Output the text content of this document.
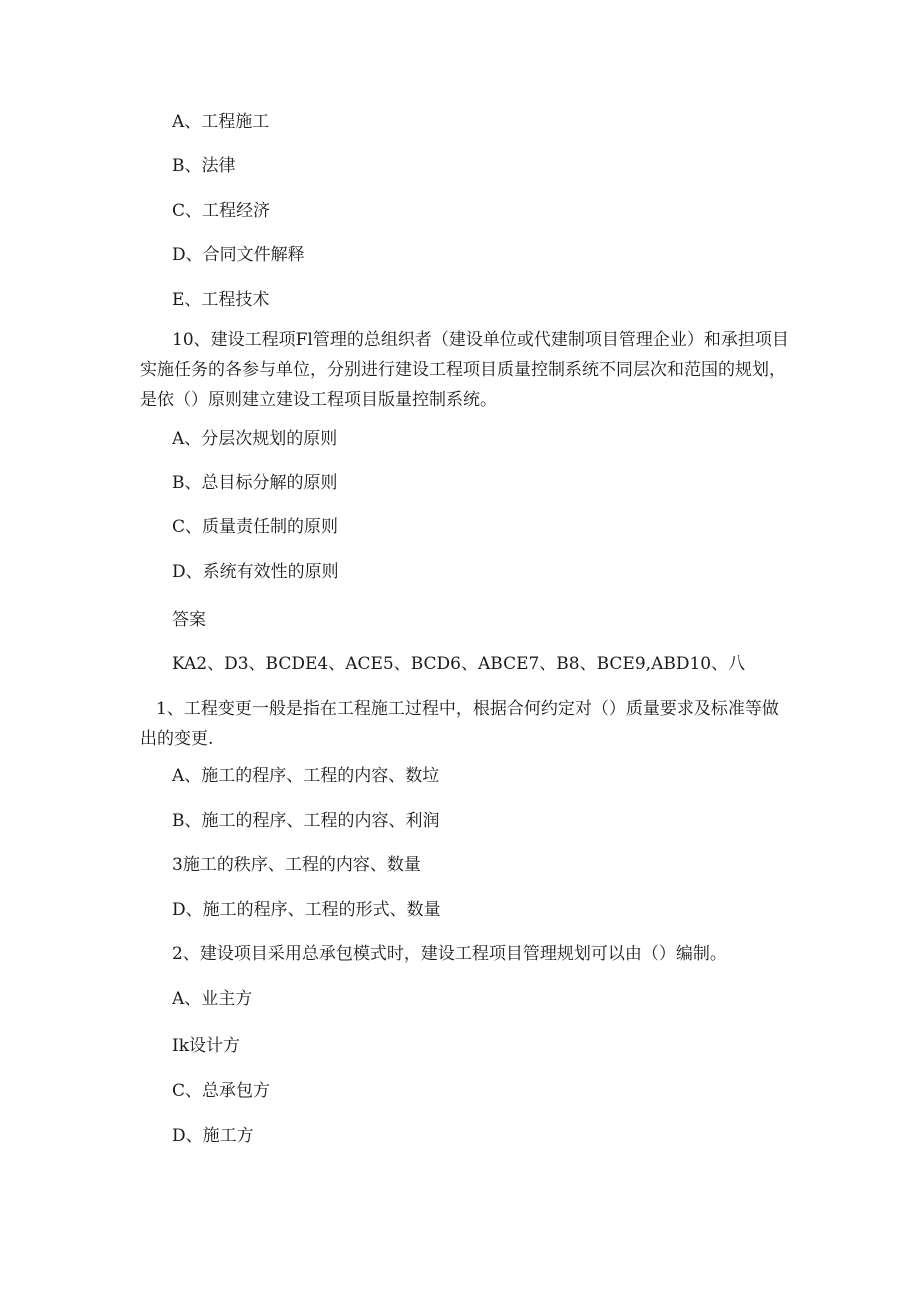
A、工程施工
B、法律
C、工程经济
D、合同文件解释
E、工程技术
10、建设工程项Fl管理的总组织者（建设单位或代建制项目管理企业）和承担项目实施任务的各参与单位，分别进行建设工程项目质量控制系统不同层次和范国的规划，是依（）原则建立建设工程项目版量控制系统。
A、分层次规划的原则
B、总目标分解的原则
C、质量责任制的原则
D、系统有效性的原则
答案
KA2、D3、BCDE4、ACE5、BCD6、ABCE7、B8、BCE9,ABD10、八
1、工程变更一般是指在工程施工过程中，根据合何约定对（）质量要求及标准等做出的变更.
A、施工的程序、工程的内容、数垃
B、施工的程序、工程的内容、利润
3施工的秩序、工程的内容、数量
D、施工的程序、工程的形式、数量
2、建设项目采用总承包模式时，建设工程项目管理规划可以由（）编制。
A、业主方
Ik设计方
C、总承包方
D、施工方
